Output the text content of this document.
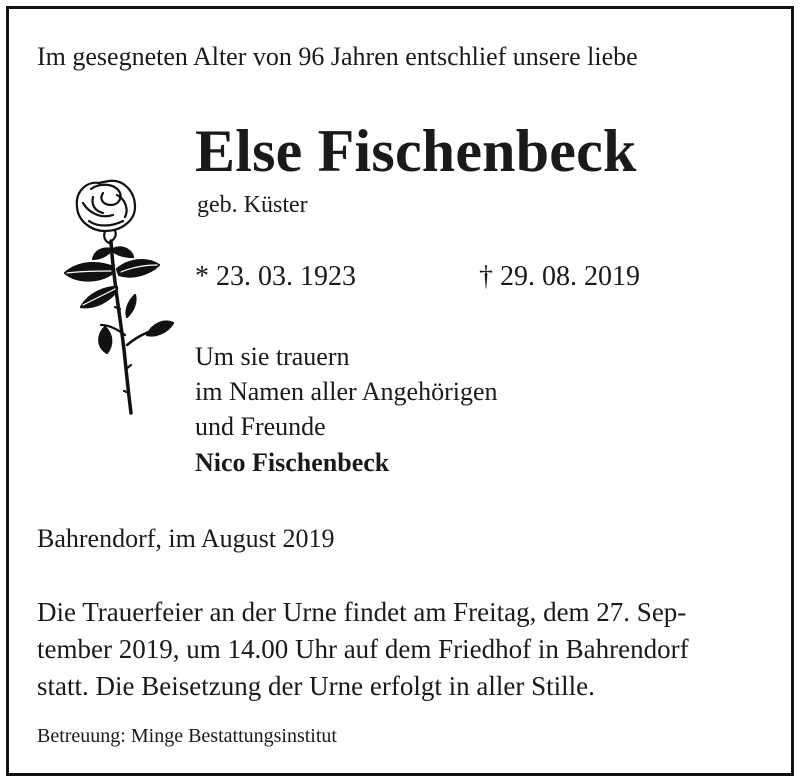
Im gesegneten Alter von 96 Jahren entschlief unsere liebe
Else Fischenbeck
geb. Küster
* 23. 03. 1923	† 29. 08. 2019
Um sie trauern
im Namen aller Angehörigen
und Freunde
Nico Fischenbeck
Bahrendorf, im August 2019
Die Trauerfeier an der Urne findet am Freitag, dem 27. Sep-
tember 2019, um 14.00 Uhr auf dem Friedhof in Bahrendorf
statt. Die Beisetzung der Urne erfolgt in aller Stille.
Betreuung: Minge Bestattungsinstitut
